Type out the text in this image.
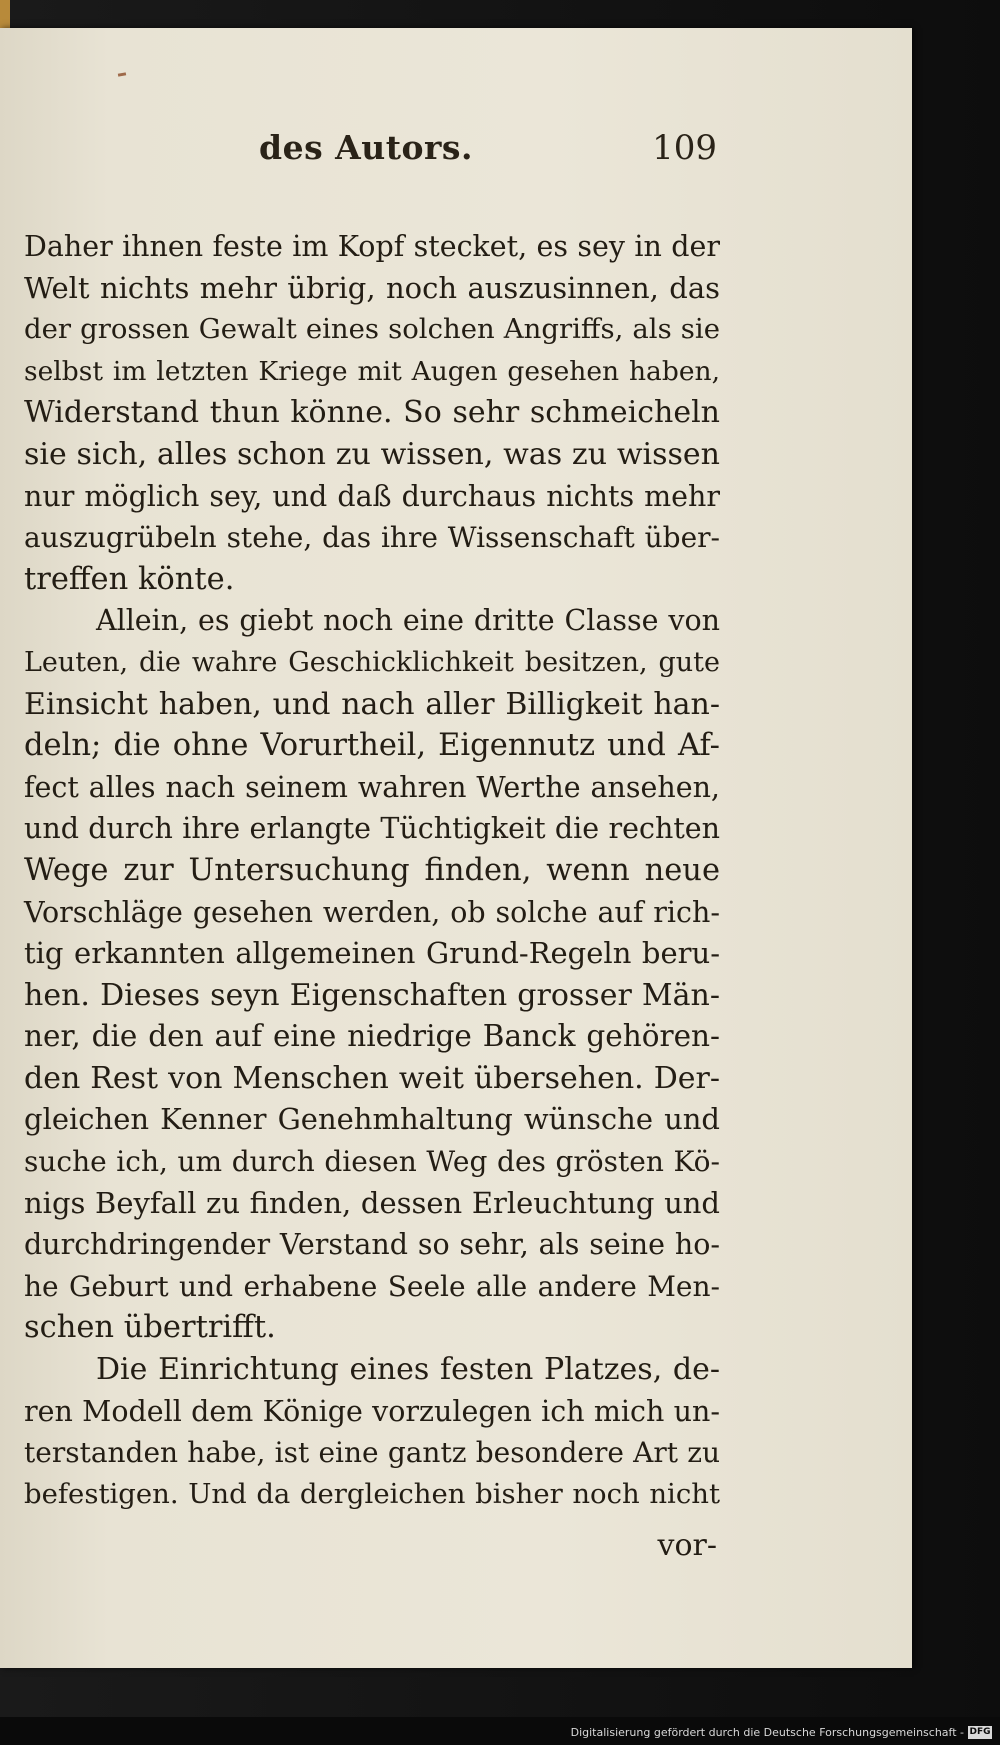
des Autors.	109
Daher ihnen feste im Kopf stecket, es sey in der
Welt nichts mehr übrig, noch auszusinnen, das
der grossen Gewalt eines solchen Angriffs, als sie
selbst im letzten Kriege mit Augen gesehen haben,
Widerstand thun könne. So sehr schmeicheln
sie sich, alles schon zu wissen, was zu wissen
nur möglich sey, und daß durchaus nichts mehr
auszugrübeln stehe, das ihre Wissenschaft über-
treffen könte.
Allein, es giebt noch eine dritte Classe von
Leuten, die wahre Geschicklichkeit besitzen, gute
Einsicht haben, und nach aller Billigkeit han-
deln; die ohne Vorurtheil, Eigennutz und Af-
fect alles nach seinem wahren Werthe ansehen,
und durch ihre erlangte Tüchtigkeit die rechten
Wege zur Untersuchung finden, wenn neue
Vorschläge gesehen werden, ob solche auf rich-
tig erkannten allgemeinen Grund-Regeln beru-
hen. Dieses seyn Eigenschaften grosser Män-
ner, die den auf eine niedrige Banck gehören-
den Rest von Menschen weit übersehen. Der-
gleichen Kenner Genehmhaltung wünsche und
suche ich, um durch diesen Weg des grösten Kö-
nigs Beyfall zu finden, dessen Erleuchtung und
durchdringender Verstand so sehr, als seine ho-
he Geburt und erhabene Seele alle andere Men-
schen übertrifft.
Die Einrichtung eines festen Platzes, de-
ren Modell dem Könige vorzulegen ich mich un-
terstanden habe, ist eine gantz besondere Art zu
befestigen. Und da dergleichen bisher noch nicht
vor-
Digitalisierung gefördert durch die Deutsche Forschungsgemeinschaft - DFG
